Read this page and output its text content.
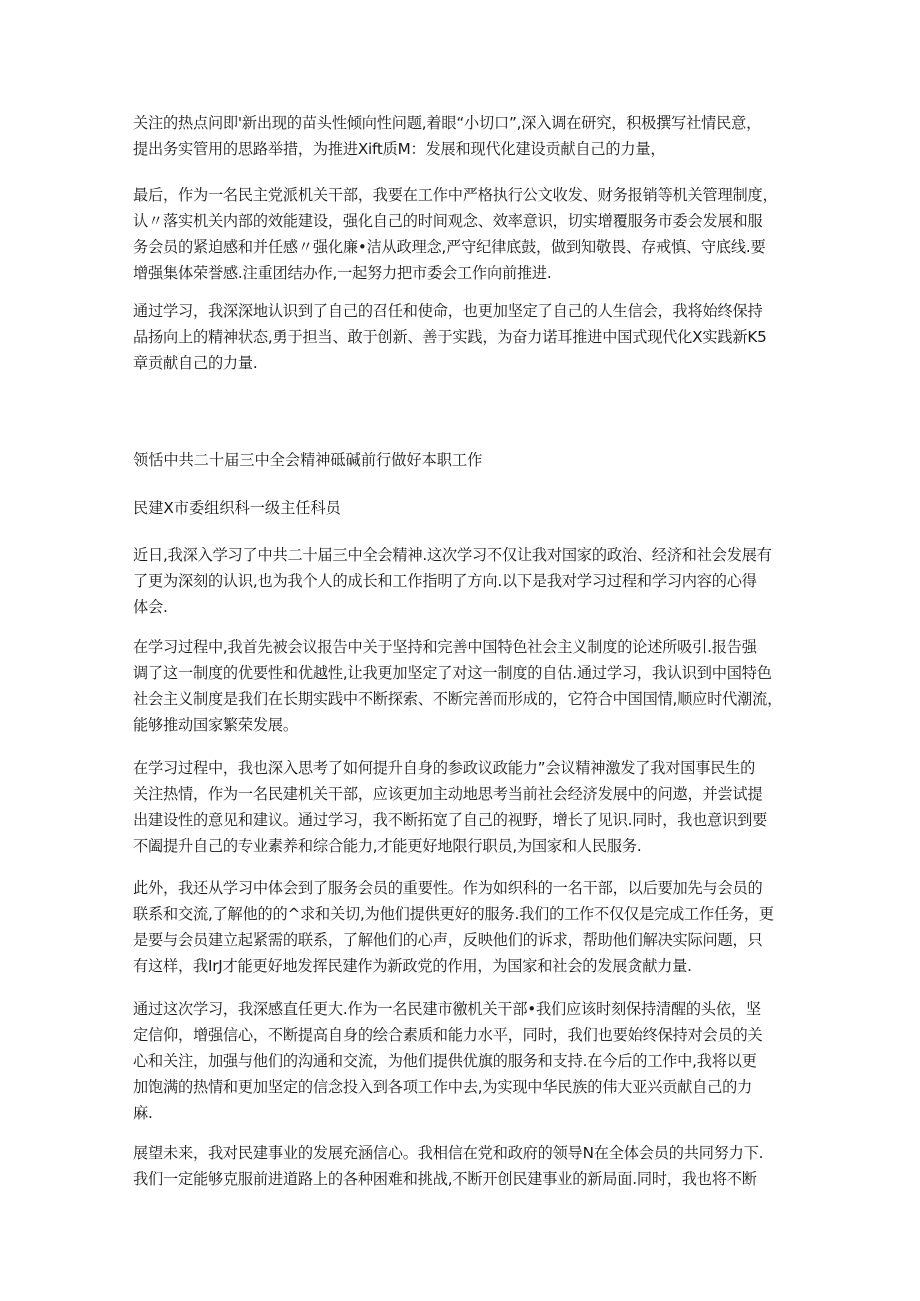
关注的热点问即'新出现的苗头性倾向性问题,着眼“小切口”,深入调在研究，积极撰写社情民意，
提出务实管用的思路举措，为推进Xift质M：发展和现代化建设贡献自己的力量，
最后，作为一名民主党派机关干部，我要在工作中严格执行公文收发、财务报销等机关管理制度，
认〃落实机关内部的效能建设，强化自己的时间观念、效率意识，切实增覆服务市委会发展和服
务会员的紧迫感和并任感〃强化廉•洁从政理念,严守纪律底鼓，做到知敬畏、存戒慎、守底线.要
增强集体荣誉感.注重团结办作,一起努力把市委会工作向前推进.
通过学习，我深深地认识到了自己的召任和使命，也更加坚定了自己的人生信会，我将始终保持
品扬向上的精神状态,勇于担当、敢于创新、善于实践，为奋力诺耳推进中国式现代化X实践新K5
章贡献自己的力量.
领恬中共二十届三中全会精神砥碱前行做好本职工作
民建X市委组织科一级主任科员
近日,我深入学习了中共二十届三中全会精神.这次学习不仅让我对国家的政治、经济和社会发展有
了更为深刻的认识,也为我个人的成长和工作指明了方向.以下是我对学习过程和学习内容的心得
体会.
在学习过程中,我首先被会议报告中关于坚持和完善中国特色社会主义制度的论述所吸引.报告强
调了这一制度的优要性和优越性,让我更加坚定了对这一制度的自估.通过学习，我认识到中国特色
社会主义制度是我们在长期实践中不断探索、不断完善而形成的，它符合中国国情,顺应时代潮流，
能够推动国家繁荣发展。
在学习过程中，我也深入思考了如何提升自身的参政议政能力”会议精神激发了我对国事民生的
关注热情，作为一名民建机关干部，应该更加主动地思考当前社会经济发展中的问遨，并尝试提
出建设性的意见和建议。通过学习，我不断拓宽了自己的视野，增长了见识.同时，我也意识到要
不阖提升自己的专业素养和综合能力,才能更好地限行职员,为国家和人民服务.
此外，我还从学习中体会到了服务会员的重要性。作为如织科的一名干部，以后要加先与会员的
联系和交流,了解他的的^求和关切,为他们提供更好的服务.我们的工作不仅仅是完成工作任务，更
是要与会员建立起紧需的联系，了解他们的心声，反映他们的诉求，帮助他们解决实际问题，只
有这样，我IrJ才能更好地发挥民建作为新政党的作用，为国家和社会的发展贪献力量.
通过这次学习，我深感直任更大.作为一名民建市徼机关干部•我们应该时刻保持清醒的头依，坚
定信仰，增强信心，不断提高自身的绘合素质和能力水平，同时，我们也要始终保持对会员的关
心和关注，加强与他们的沟通和交流，为他们提供优旗的服务和支持.在今后的工作中,我将以更
加饱满的热情和更加坚定的信念投入到各项工作中去,为实现中华民族的伟大亚兴贡献自己的力
麻.
展望未来，我对民建事业的发展充涵信心。我相信在党和政府的领导N在全体会员的共同努力下.
我们一定能够克服前进道路上的各种困难和挑战,不断开创民建事业的新局面.同时，我也将不断
